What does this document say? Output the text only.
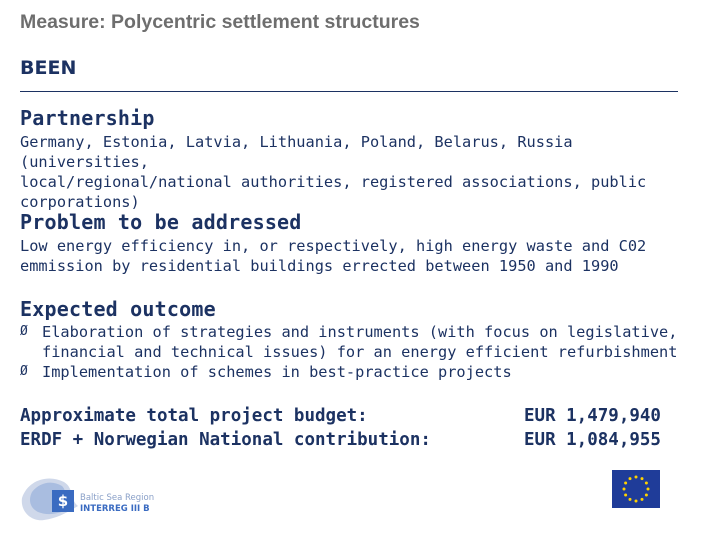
Measure: Polycentric settlement structures
BEEN
Partnership
Germany, Estonia, Latvia, Lithuania, Poland, Belarus, Russia (universities,
local/regional/national authorities, registered associations, public
corporations)
Problem to be addressed
Low energy efficiency in, or respectively, high energy waste and C02
emmission by residential buildings errected between 1950 and 1990
Expected outcome
Ø Elaboration of strategies and instruments (with focus on legislative,
financial and technical issues) for an energy efficient refurbishment
Ø Implementation of schemes in best-practice projects
Approximate total project budget:
ERDF + Norwegian National contribution:
EUR 1,479,940
EUR 1,084,955
$ Baltic Sea Region
INTERREG III B
